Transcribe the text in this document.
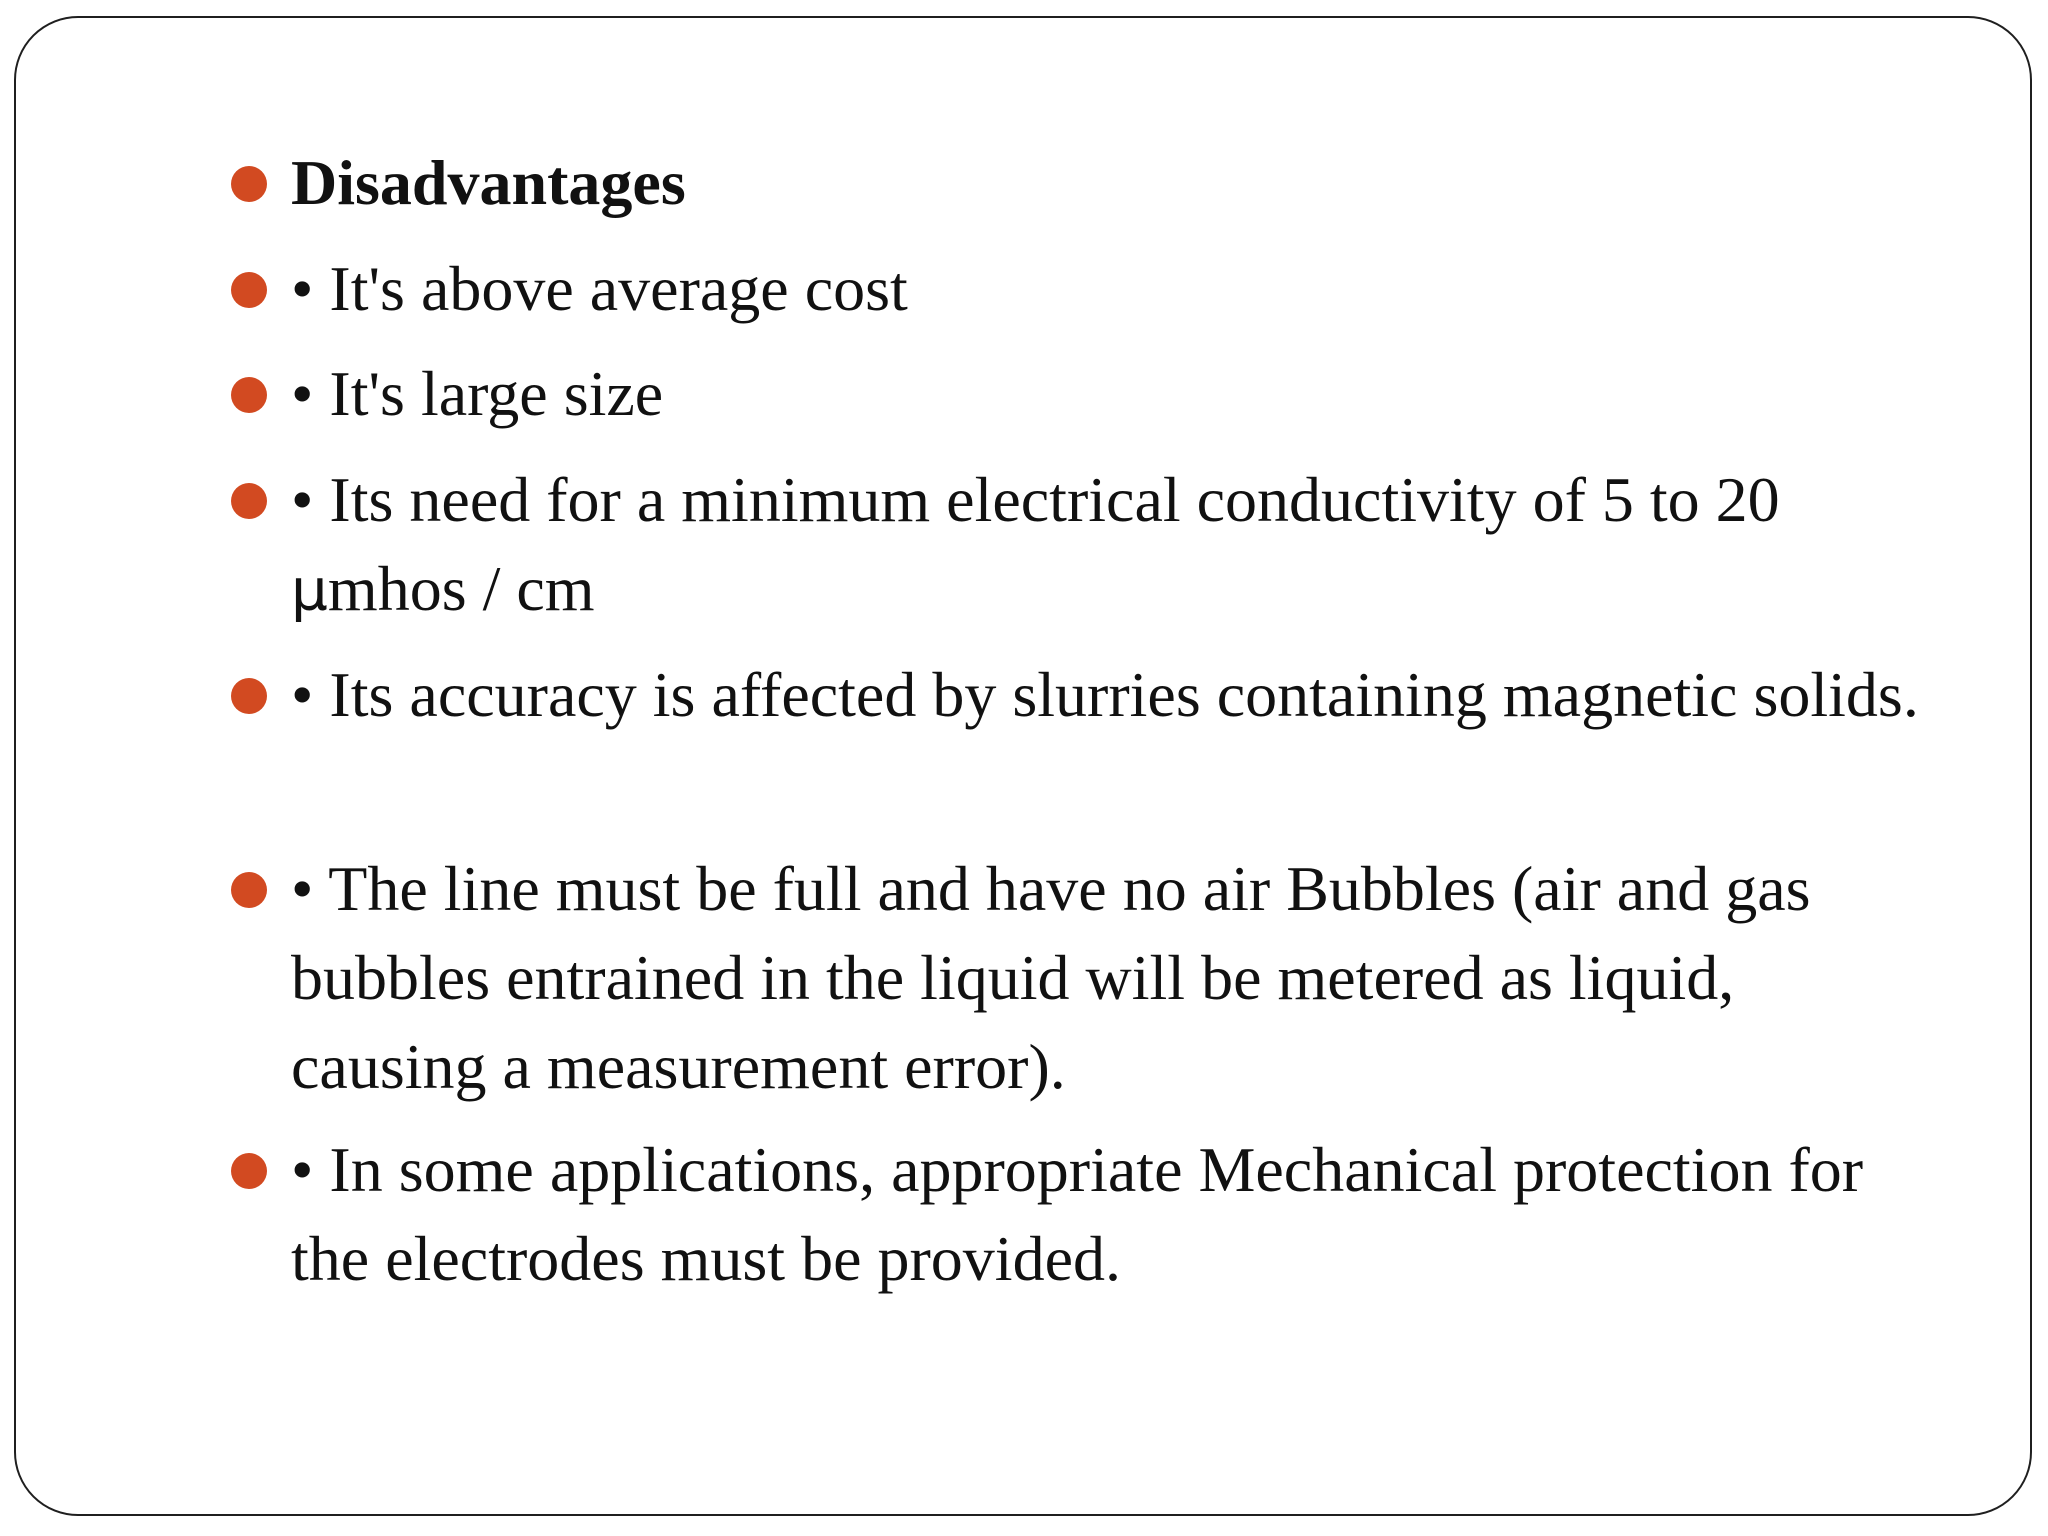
Disadvantages
• It's above average cost
• It's large size
• Its need for a minimum electrical conductivity of 5 to 20 µmhos / cm
• Its accuracy is affected by slurries containing magnetic solids.
• The line must be full and have no air Bubbles (air and gas bubbles entrained in the liquid will be metered as liquid, causing a measurement error).
• In some applications, appropriate Mechanical protection for the electrodes must be provided.
